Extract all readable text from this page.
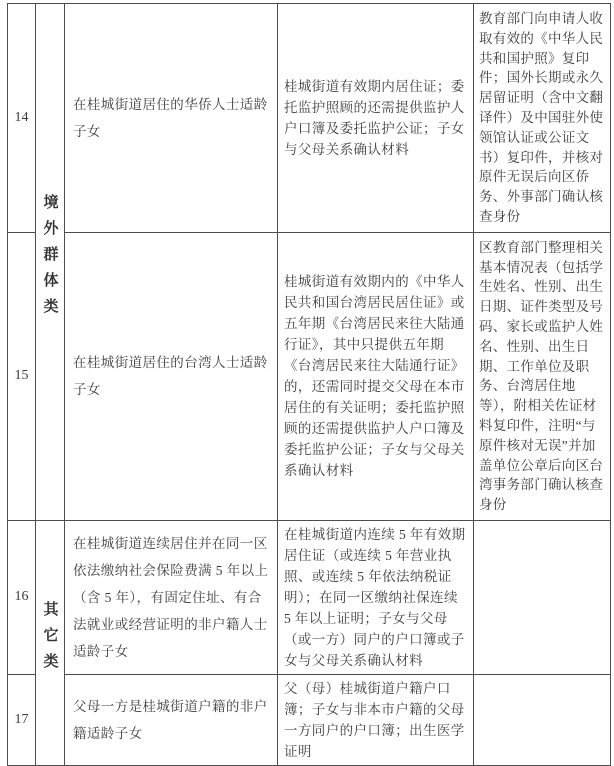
14	境外群体类	在桂城街道居住的华侨人士适龄子女	桂城街道有效期内居住证；委托监护照顾的还需提供监护人户口簿及委托监护公证；子女与父母关系确认材料	教育部门向申请人收取有效的《中华人民共和国护照》复印件；国外长期或永久居留证明（含中文翻译件）及中国驻外使领馆认证或公证文书）复印件，并核对原件无误后向区侨务、外事部门确认核查身份
15		在桂城街道居住的台湾人士适龄子女	桂城街道有效期内的《中华人民共和国台湾居民居住证》或五年期《台湾居民来往大陆通行证》，其中只提供五年期《台湾居民来往大陆通行证》的，还需同时提交父母在本市居住的有关证明；委托监护照顾的还需提供监护人户口簿及委托监护公证；子女与父母关系确认材料	区教育部门整理相关基本情况表（包括学生姓名、性别、出生日期、证件类型及号码、家长或监护人姓名、性别、出生日期、工作单位及职务、台湾居住地等），附相关佐证材料复印件，注明“与原件核对无误”并加盖单位公章后向区台湾事务部门确认核查身份
16	其它类	在桂城街道连续居住并在同一区依法缴纳社会保险费满 5 年以上（含 5 年），有固定住址、有合法就业或经营证明的非户籍人士适龄子女	在桂城街道内连续 5 年有效期居住证（或连续 5 年营业执照、或连续 5 年依法纳税证明）；在同一区缴纳社保连续 5 年以上证明；子女与父母（或一方）同户的户口簿或子女与父母关系确认材料	
17		父母一方是桂城街道户籍的非户籍适龄子女	父（母）桂城街道户籍户口簿；子女与非本市户籍的父母一方同户的户口簿；出生医学证明	
